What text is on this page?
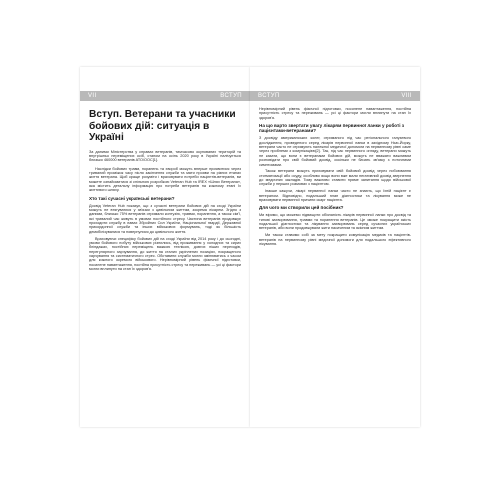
VII	ВСТУП
Вступ. Ветерани та учасники бойових дій: ситуація в Україні

За даними Міністерства у справах ветеранів, тимчасово окупованих територій та внутрішньо переміщених осіб, станом на осінь 2020 року в Україні налічується близько 460000 ветеранів АТО/ООС[1].

Наслідки бойових травм, поранень та хвороб можуть вперше проявитися через тривалий проміжок часу після закінчення служби та мати прояви на різних етапах життя ветерана. Щоб краще розуміти і враховувати потреби пацієнтів-ветеранів, ви можете ознайомитися зі спільною розробкою Veteran Hub та IREX «Шлях Ветерана», яка містить детальну інформацію про потреби ветеранів на кожному етапі їх життєвого шляху.

Хто такі сучасні українські ветерани?

Досвід Veteran Hub показує, що з сучасні ветерани бойових дій на сході України можуть не втягуватися у зв'язки з цивільним життям, зокрема лікарем. Згідно з даними, близько 75% ветеранів отримали контузію, травми, поранення, а також сім'ї, які тривалий час живуть в умовах постійного стресу. Частина ветеранів продовжує проходити службу в лавах Збройних Сил України, Національної гвардії, Державної прикордонної служби та інших військових формувань, тоді як більшість демобілізувалися та повернулися до цивільного життя.

Враховуючи специфіку бойових дій на сході України від 2014 року і до сьогодні, умови бойового побуту військових різнились, від проживання у холодних та сирих бліндажах, постійних переміщень важкою технікою, довгих піших переходів, нерегулярного харчування, до життя на сталих укріплених позиціях, покращеного харчування та систематичного стрес. Обставини служби могли змінюватись з часом для кожного окремого військового. Нерівномірний рівень фізичної підготовки, посилене навантаження, постійна присутність стресу та переживань — усі ці фактори могли вплинути на стан їх здоров'я.

ВСТУП	VIII

Нерівномірний рівень фізичної підготовки, посилене навантаження, постійна присутність стресу та переживань — усі ці фактори могли вплинути на стан їх здоров'я.

На що варто звертати увагу лікарям первинної ланки у роботі з пацієнтами-ветеранами?

З досвіду американських колег, отриманого під час регіонального галузевого дослідження, проведеного серед лікарів первинної ланки в західному Нью-Йорку, ветерани часто не отримують належної медичної допомоги на первинному рівні саме через проблеми з комунікацією[2]. Так, під час первинного огляду, ветерани можуть не казати, що вони є ветеранами бойових дій, можуть не вважати важливим розповідати про свій бойовий досвід, оскільки не бачать зв'язку з поточними симптомами.

Також ветерани можуть приховувати свій бойовий досвід через побоювання стигматизації або осуду, особливо якщо вони вже мали негативний досвід звернення до медичних закладів. Тому важливо ставити пряме запитання щодо військової служби у перших розмовах з пацієнтом.

Інакше кажучи, лікарі первинної ланки часто не знають, що їхній пацієнт є ветераном. Відповідно, подальший план діагностики та лікування може не враховувати первинної причини скарг пацієнта.

Для чого ми створили цей посібник?

Ми віримо, що можемо підвищити обізнаність лікарів первинної ланки про досвід та типові захворювання, травми та поранення ветеранів. Це зможе покращити якість подальшої діагностики та лікування захворювань серед сучасних українських ветеранів, аби вони продовжували жити насиченим та якісним життям.

Ми також ставимо собі за мету покращити комунікацію медиків та пацієнтів-ветеранів на первинному рівні медичної допомоги для подальшого ефективного лікування.
